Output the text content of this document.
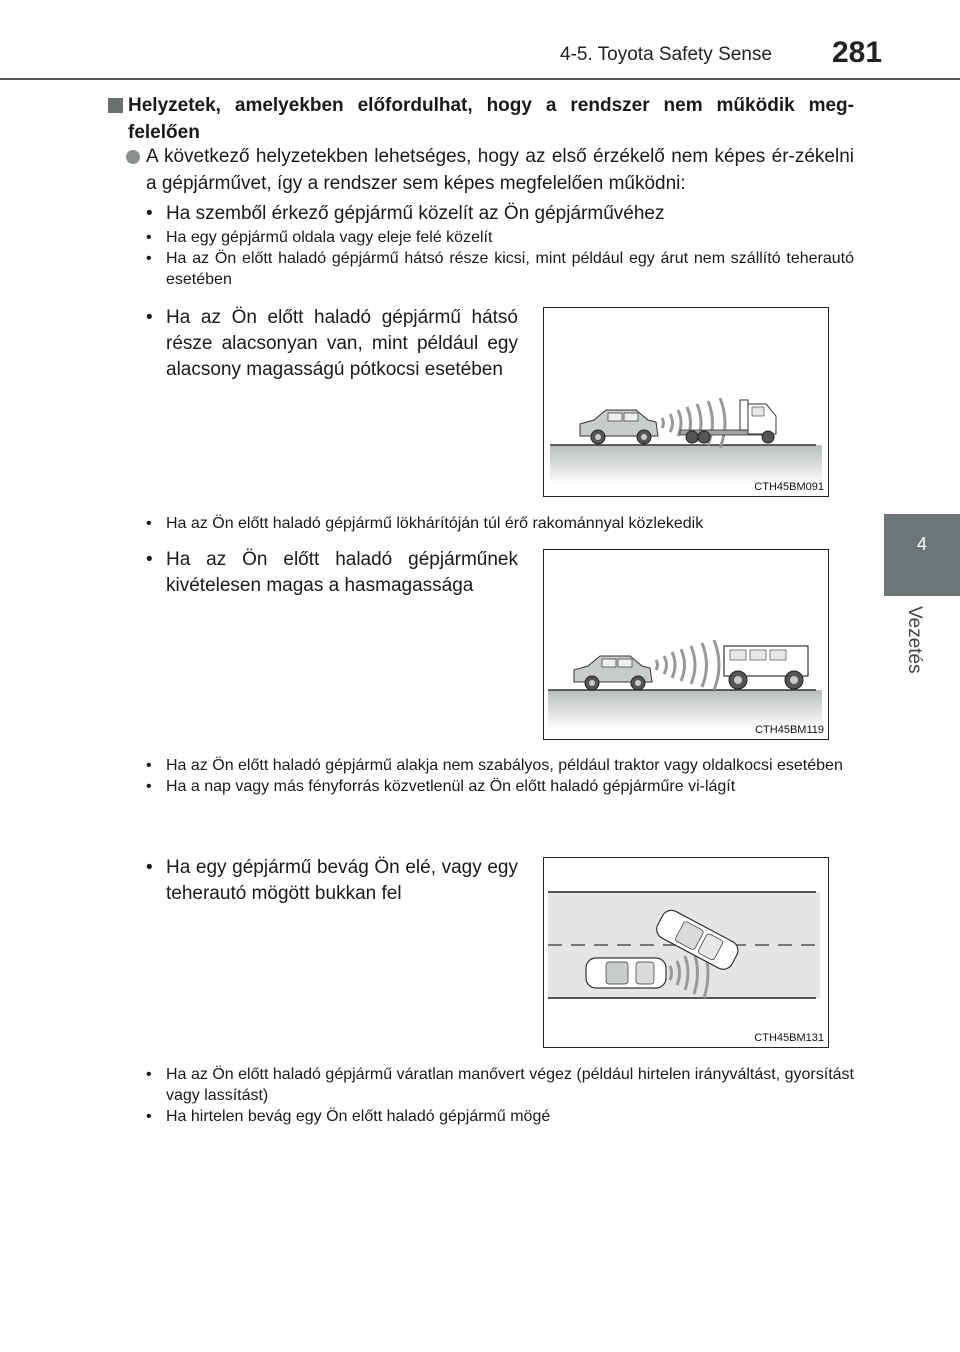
4-5. Toyota Safety Sense 281
4
Vezetés
Helyzetek, amelyekben előfordulhat, hogy a rendszer nem működik meg-felelően
A következő helyzetekben lehetséges, hogy az első érzékelő nem képes ér-zékelni a gépjárművet, így a rendszer sem képes megfelelően működni:
• Ha szemből érkező gépjármű közelít az Ön gépjárművéhez
• Ha egy gépjármű oldala vagy eleje felé közelít
• Ha az Ön előtt haladó gépjármű hátsó része kicsi, mint például egy árut nem szállító teherautó esetében
• Ha az Ön előtt haladó gépjármű hátsó része alacsonyan van, mint például egy alacsony magasságú pótkocsi esetében
CTH45BM091
• Ha az Ön előtt haladó gépjármű lökhárítóján túl érő rakománnyal közlekedik
• Ha az Ön előtt haladó gépjárműnek kivételesen magas a hasmagassága
CTH45BM119
• Ha az Ön előtt haladó gépjármű alakja nem szabályos, például traktor vagy oldalkocsi esetében
• Ha a nap vagy más fényforrás közvetlenül az Ön előtt haladó gépjárműre vi-lágít
• Ha egy gépjármű bevág Ön elé, vagy egy teherautó mögött bukkan fel
CTH45BM131
• Ha az Ön előtt haladó gépjármű váratlan manővert végez (például hirtelen irányváltást, gyorsítást vagy lassítást)
• Ha hirtelen bevág egy Ön előtt haladó gépjármű mögé
